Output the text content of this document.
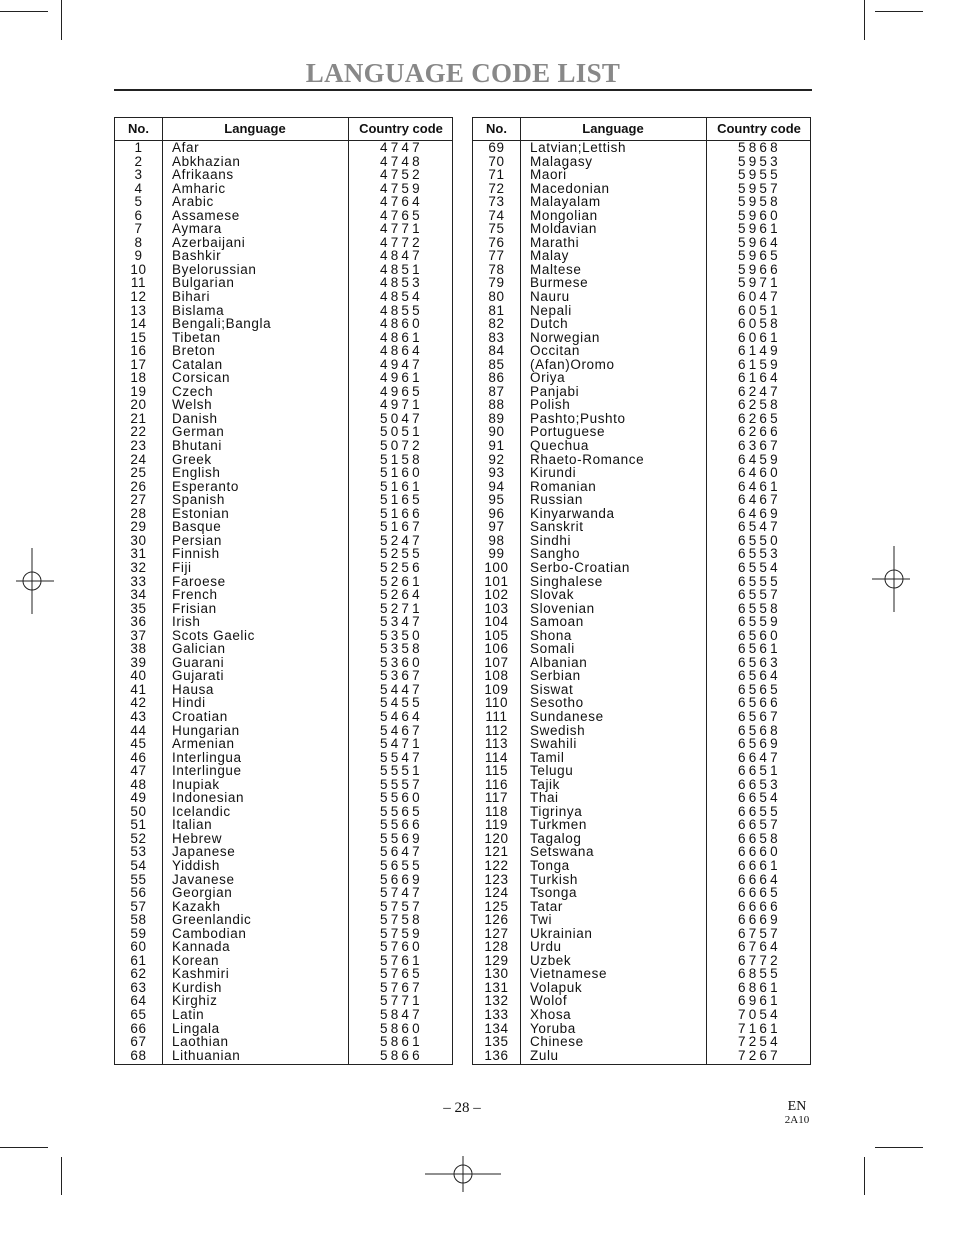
LANGUAGE CODE LIST
No.	Language	Country code
1	Afar	4747
2	Abkhazian	4748
3	Afrikaans	4752
4	Amharic	4759
5	Arabic	4764
6	Assamese	4765
7	Aymara	4771
8	Azerbaijani	4772
9	Bashkir	4847
10	Byelorussian	4851
11	Bulgarian	4853
12	Bihari	4854
13	Bislama	4855
14	Bengali;Bangla	4860
15	Tibetan	4861
16	Breton	4864
17	Catalan	4947
18	Corsican	4961
19	Czech	4965
20	Welsh	4971
21	Danish	5047
22	German	5051
23	Bhutani	5072
24	Greek	5158
25	English	5160
26	Esperanto	5161
27	Spanish	5165
28	Estonian	5166
29	Basque	5167
30	Persian	5247
31	Finnish	5255
32	Fiji	5256
33	Faroese	5261
34	French	5264
35	Frisian	5271
36	Irish	5347
37	Scots Gaelic	5350
38	Galician	5358
39	Guarani	5360
40	Gujarati	5367
41	Hausa	5447
42	Hindi	5455
43	Croatian	5464
44	Hungarian	5467
45	Armenian	5471
46	Interlingua	5547
47	Interlingue	5551
48	Inupiak	5557
49	Indonesian	5560
50	Icelandic	5565
51	Italian	5566
52	Hebrew	5569
53	Japanese	5647
54	Yiddish	5655
55	Javanese	5669
56	Georgian	5747
57	Kazakh	5757
58	Greenlandic	5758
59	Cambodian	5759
60	Kannada	5760
61	Korean	5761
62	Kashmiri	5765
63	Kurdish	5767
64	Kirghiz	5771
65	Latin	5847
66	Lingala	5860
67	Laothian	5861
68	Lithuanian	5866
No.	Language	Country code
69	Latvian;Lettish	5868
70	Malagasy	5953
71	Maori	5955
72	Macedonian	5957
73	Malayalam	5958
74	Mongolian	5960
75	Moldavian	5961
76	Marathi	5964
77	Malay	5965
78	Maltese	5966
79	Burmese	5971
80	Nauru	6047
81	Nepali	6051
82	Dutch	6058
83	Norwegian	6061
84	Occitan	6149
85	(Afan)Oromo	6159
86	Oriya	6164
87	Panjabi	6247
88	Polish	6258
89	Pashto;Pushto	6265
90	Portuguese	6266
91	Quechua	6367
92	Rhaeto-Romance	6459
93	Kirundi	6460
94	Romanian	6461
95	Russian	6467
96	Kinyarwanda	6469
97	Sanskrit	6547
98	Sindhi	6550
99	Sangho	6553
100	Serbo-Croatian	6554
101	Singhalese	6555
102	Slovak	6557
103	Slovenian	6558
104	Samoan	6559
105	Shona	6560
106	Somali	6561
107	Albanian	6563
108	Serbian	6564
109	Siswat	6565
110	Sesotho	6566
111	Sundanese	6567
112	Swedish	6568
113	Swahili	6569
114	Tamil	6647
115	Telugu	6651
116	Tajik	6653
117	Thai	6654
118	Tigrinya	6655
119	Turkmen	6657
120	Tagalog	6658
121	Setswana	6660
122	Tonga	6661
123	Turkish	6664
124	Tsonga	6665
125	Tatar	6666
126	Twi	6669
127	Ukrainian	6757
128	Urdu	6764
129	Uzbek	6772
130	Vietnamese	6855
131	Volapuk	6861
132	Wolof	6961
133	Xhosa	7054
134	Yoruba	7161
135	Chinese	7254
136	Zulu	7267
– 28 –	EN
2A10
